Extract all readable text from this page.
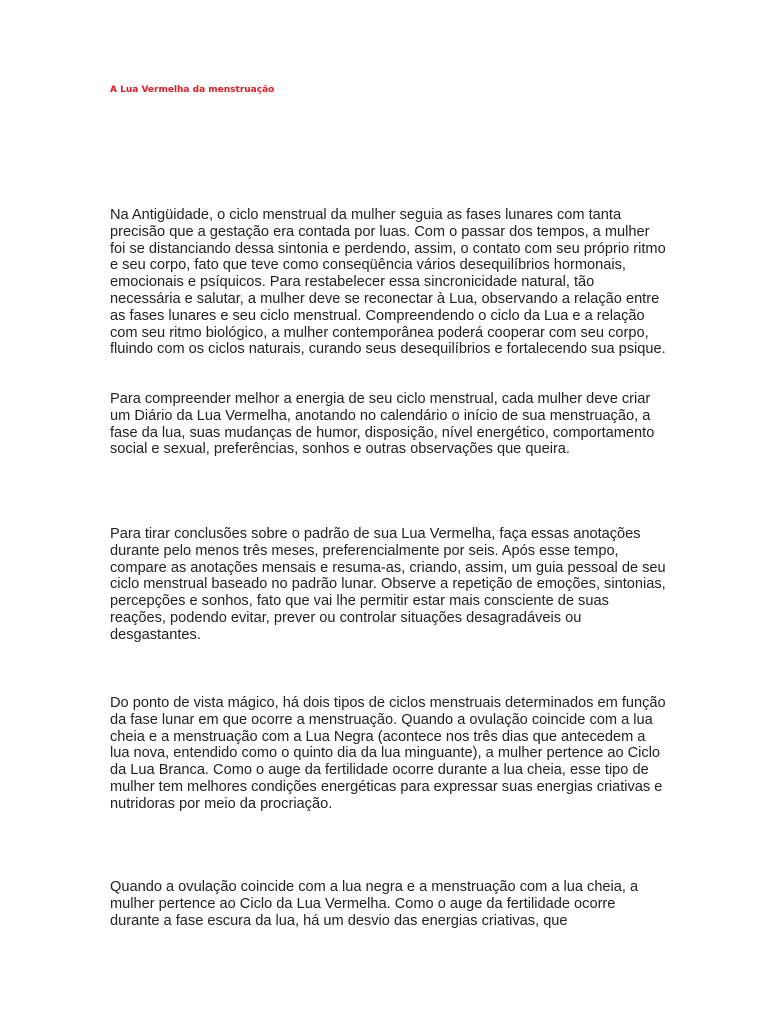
A Lua Vermelha da menstruação

Na Antigüidade, o ciclo menstrual da mulher seguia as fases lunares com tanta precisão que a gestação era contada por luas. Com o passar dos tempos, a mulher foi se distanciando dessa sintonia e perdendo, assim, o contato com seu próprio ritmo e seu corpo, fato que teve como conseqüência vários desequilíbrios hormonais, emocionais e psíquicos. Para restabelecer essa sincronicidade natural, tão necessária e salutar, a mulher deve se reconectar à Lua, observando a relação entre as fases lunares e seu ciclo menstrual. Compreendendo o ciclo da Lua e a relação com seu ritmo biológico, a mulher contemporânea poderá cooperar com seu corpo, fluindo com os ciclos naturais, curando seus desequilíbrios e fortalecendo sua psique.

Para compreender melhor a energia de seu ciclo menstrual, cada mulher deve criar um Diário da Lua Vermelha, anotando no calendário o início de sua menstruação, a fase da lua, suas mudanças de humor, disposição, nível energético, comportamento social e sexual, preferências, sonhos e outras observações que queira.

Para tirar conclusões sobre o padrão de sua Lua Vermelha, faça essas anotações durante pelo menos três meses, preferencialmente por seis. Após esse tempo, compare as anotações mensais e resuma-as, criando, assim, um guia pessoal de seu ciclo menstrual baseado no padrão lunar. Observe a repetição de emoções, sintonias, percepções e sonhos, fato que vai lhe permitir estar mais consciente de suas reações, podendo evitar, prever ou controlar situações desagradáveis ou desgastantes.

Do ponto de vista mágico, há dois tipos de ciclos menstruais determinados em função da fase lunar em que ocorre a menstruação. Quando a ovulação coincide com a lua cheia e a menstruação com a Lua Negra (acontece nos três dias que antecedem a lua nova, entendido como o quinto dia da lua minguante), a mulher pertence ao Ciclo da Lua Branca. Como o auge da fertilidade ocorre durante a lua cheia, esse tipo de mulher tem melhores condições energéticas para expressar suas energias criativas e nutridoras por meio da procriação.

Quando a ovulação coincide com a lua negra e a menstruação com a lua cheia, a mulher pertence ao Ciclo da Lua Vermelha. Como o auge da fertilidade ocorre durante a fase escura da lua, há um desvio das energias criativas, que
